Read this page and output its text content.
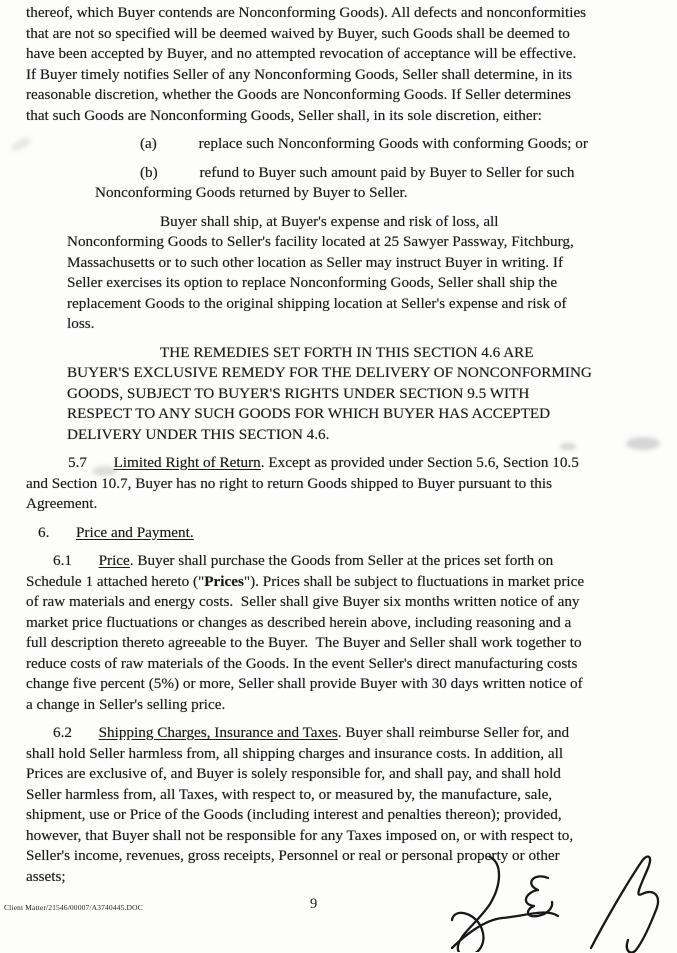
thereof, which Buyer contends are Nonconforming Goods). All defects and nonconformities
that are not so specified will be deemed waived by Buyer, such Goods shall be deemed to
have been accepted by Buyer, and no attempted revocation of acceptance will be effective.
If Buyer timely notifies Seller of any Nonconforming Goods, Seller shall determine, in its
reasonable discretion, whether the Goods are Nonconforming Goods. If Seller determines
that such Goods are Nonconforming Goods, Seller shall, in its sole discretion, either:
(a)           replace such Nonconforming Goods with conforming Goods; or
(b)           refund to Buyer such amount paid by Buyer to Seller for such
Nonconforming Goods returned by Buyer to Seller.
Buyer shall ship, at Buyer's expense and risk of loss, all
Nonconforming Goods to Seller's facility located at 25 Sawyer Passway, Fitchburg,
Massachusetts or to such other location as Seller may instruct Buyer in writing. If
Seller exercises its option to replace Nonconforming Goods, Seller shall ship the
replacement Goods to the original shipping location at Seller's expense and risk of
loss.
THE REMEDIES SET FORTH IN THIS SECTION 4.6 ARE
BUYER'S EXCLUSIVE REMEDY FOR THE DELIVERY OF NONCONFORMING
GOODS, SUBJECT TO BUYER'S RIGHTS UNDER SECTION 9.5 WITH
RESPECT TO ANY SUCH GOODS FOR WHICH BUYER HAS ACCEPTED
DELIVERY UNDER THIS SECTION 4.6.
5.7       Limited Right of Return. Except as provided under Section 5.6, Section 10.5
and Section 10.7, Buyer has no right to return Goods shipped to Buyer pursuant to this
Agreement.
6.       Price and Payment.
6.1       Price. Buyer shall purchase the Goods from Seller at the prices set forth on
Schedule 1 attached hereto ("Prices"). Prices shall be subject to fluctuations in market price
of raw materials and energy costs.  Seller shall give Buyer six months written notice of any
market price fluctuations or changes as described herein above, including reasoning and a
full description thereto agreeable to the Buyer.  The Buyer and Seller shall work together to
reduce costs of raw materials of the Goods. In the event Seller's direct manufacturing costs
change five percent (5%) or more, Seller shall provide Buyer with 30 days written notice of
a change in Seller's selling price.
6.2       Shipping Charges, Insurance and Taxes. Buyer shall reimburse Seller for, and
shall hold Seller harmless from, all shipping charges and insurance costs. In addition, all
Prices are exclusive of, and Buyer is solely responsible for, and shall pay, and shall hold
Seller harmless from, all Taxes, with respect to, or measured by, the manufacture, sale,
shipment, use or Price of the Goods (including interest and penalties thereon); provided,
however, that Buyer shall not be responsible for any Taxes imposed on, or with respect to,
Seller's income, revenues, gross receipts, Personnel or real or personal property or other
assets;
Client Matter/21546/00007/A3740445.DOC	9
